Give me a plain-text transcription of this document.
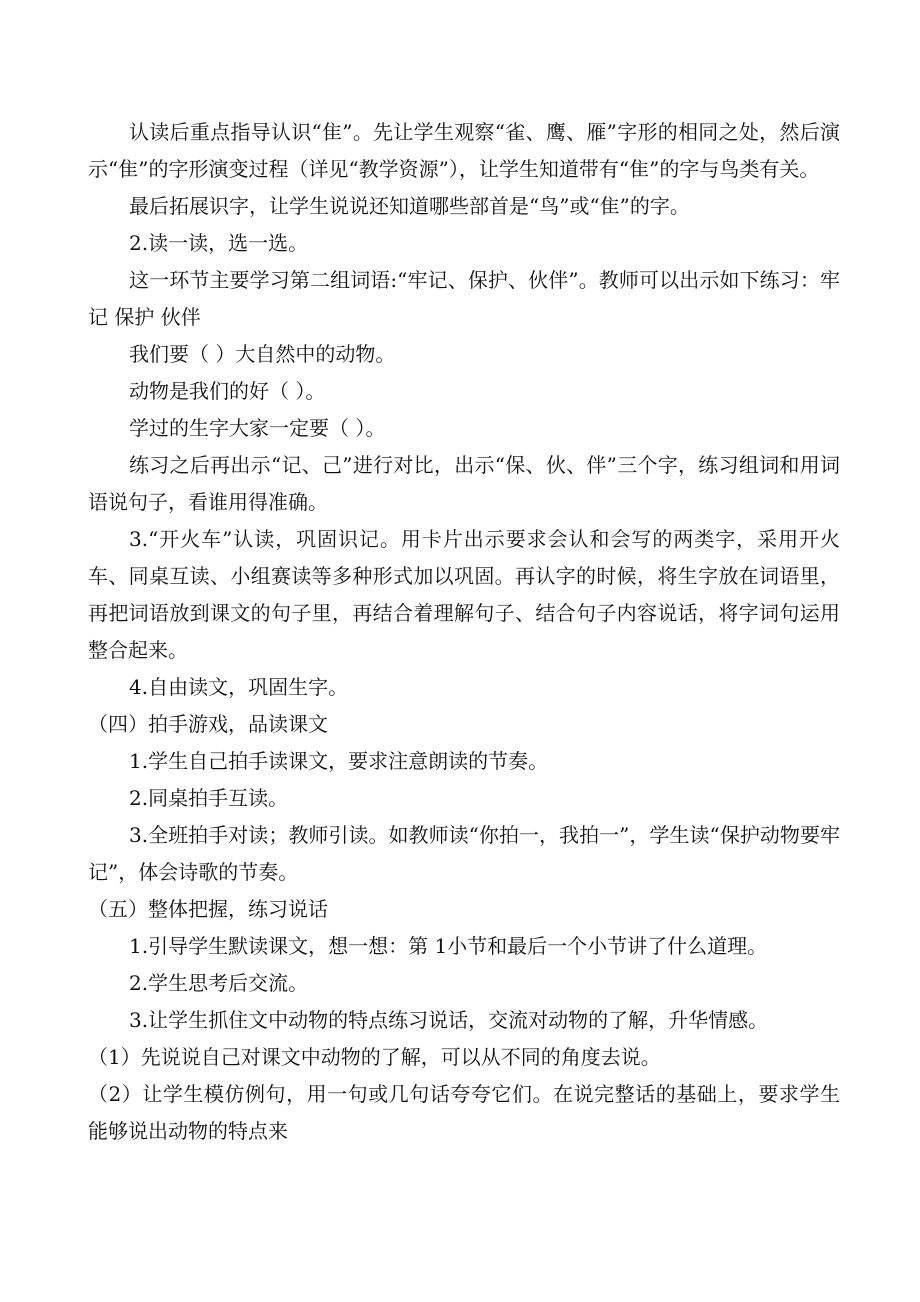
认读后重点指导认识“隹”。先让学生观察“雀、鹰、雁”字形的相同之处，然后演 示“隹”的字形演变过程（详见“教学资源”），让学生知道带有“隹”的字与鸟类有关。

最后拓展识字，让学生说说还知道哪些部首是“鸟”或“隹”的字。

2.读一读，选一选。

这一环节主要学习第二组词语:“牢记、保护、伙伴”。教师可以出示如下练习：牢记 保护 伙伴

我们要（ ）大自然中的动物。

动物是我们的好（ ）。

学过的生字大家一定要（ ）。

练习之后再出示“记、己”进行对比，出示“保、伙、伴”三个字，练习组词和用词语说句子，看谁用得准确。

3.“开火车”认读，巩固识记。用卡片出示要求会认和会写的两类字，采用开火车、同桌互读、小组赛读等多种形式加以巩固。再认字的时候，将生字放在词语里，再把词语放到课文的句子里，再结合着理解句子、结合句子内容说话，将字词句运用整合起来。

4.自由读文，巩固生字。

（四）拍手游戏，品读课文

1.学生自己拍手读课文，要求注意朗读的节奏。

2.同桌拍手互读。

3.全班拍手对读；教师引读。如教师读“你拍一，我拍一”，学生读“保护动物要牢记”，体会诗歌的节奏。

（五）整体把握，练习说话

1.引导学生默读课文，想一想：第 1小节和最后一个小节讲了什么道理。

2.学生思考后交流。

3.让学生抓住文中动物的特点练习说话，交流对动物的了解，升华情感。

（1）先说说自己对课文中动物的了解，可以从不同的角度去说。

（2）让学生模仿例句，用一句或几句话夸夸它们。在说完整话的基础上，要求学生能够说出动物的特点来
